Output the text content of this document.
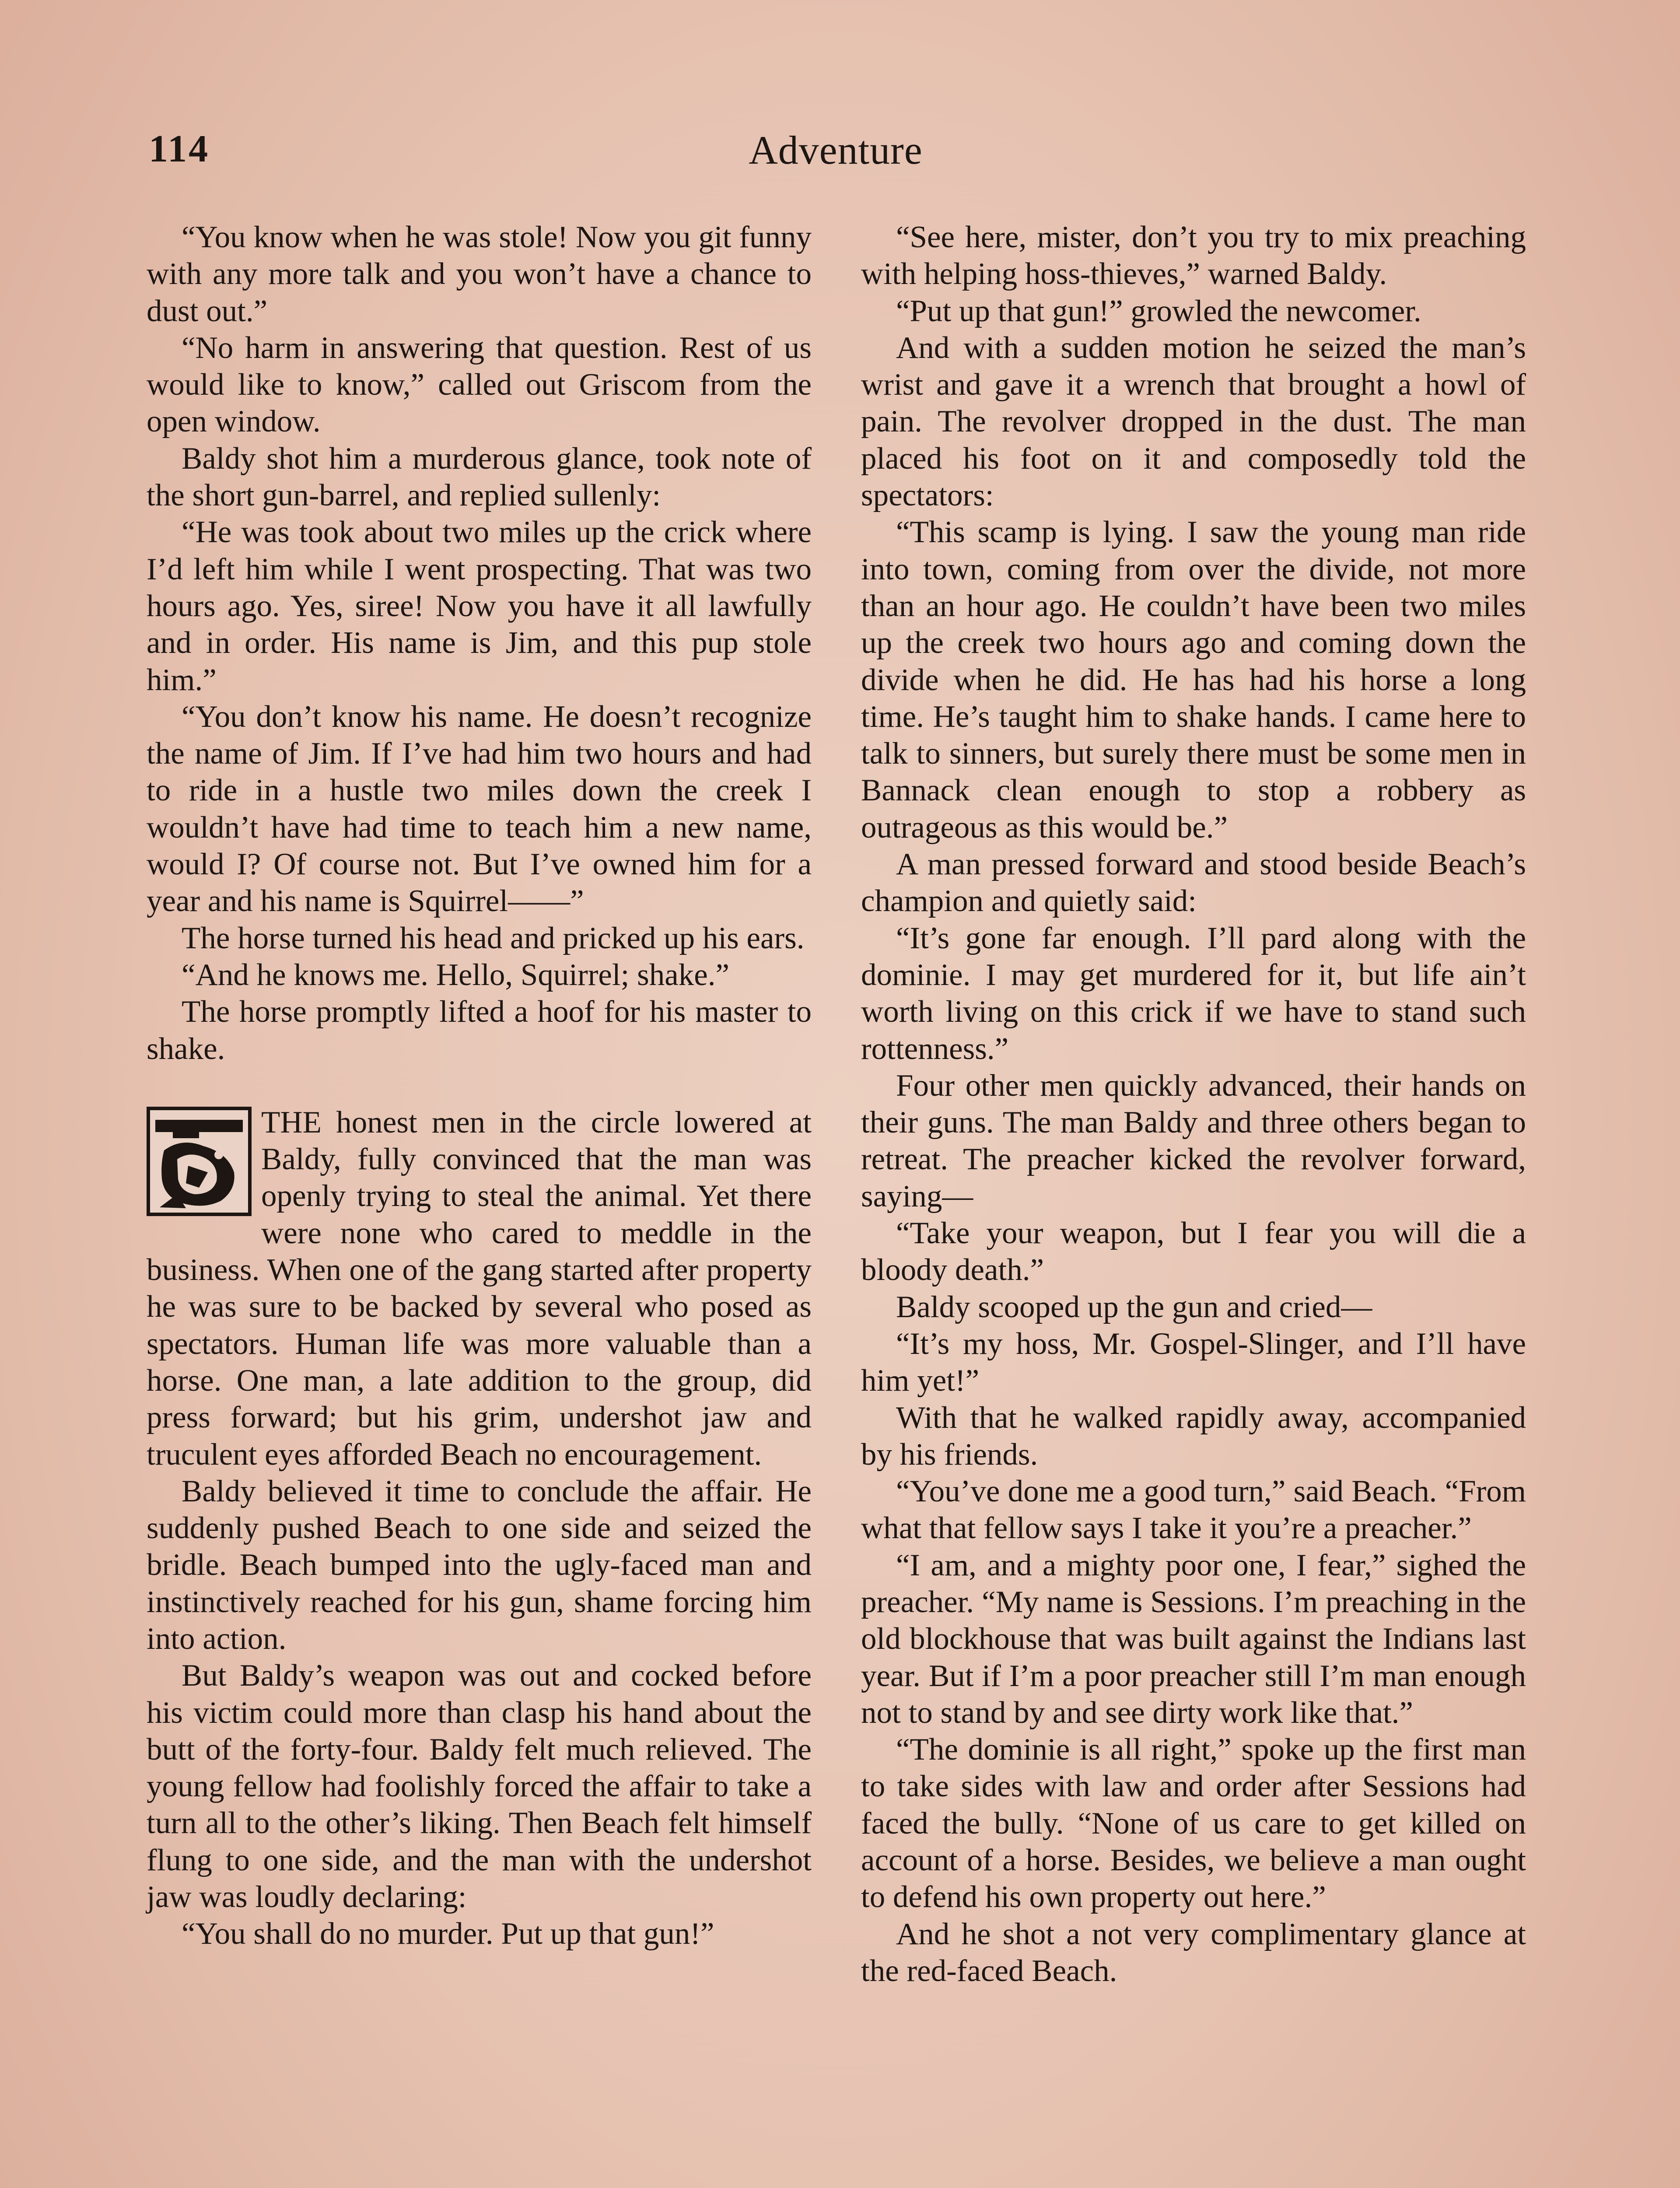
114	Adventure

“You know when he was stole! Now you git funny with any more talk and you won’t have a chance to dust out.”

“No harm in answering that question. Rest of us would like to know,” called out Griscom from the open window.

Baldy shot him a murderous glance, took note of the short gun-barrel, and replied sullenly:

“He was took about two miles up the crick where I’d left him while I went prospecting. That was two hours ago. Yes, siree! Now you have it all lawfully and in order. His name is Jim, and this pup stole him.”

“You don’t know his name. He doesn’t recognize the name of Jim. If I’ve had him two hours and had to ride in a hustle two miles down the creek I wouldn’t have had time to teach him a new name, would I? Of course not. But I’ve owned him for a year and his name is Squirrel——”

The horse turned his head and pricked up his ears.

“And he knows me. Hello, Squirrel; shake.”

The horse promptly lifted a hoof for his master to shake.

THE honest men in the circle lowered at Baldy, fully convinced that the man was openly trying to steal the animal. Yet there were none who cared to meddle in the business. When one of the gang started after property he was sure to be backed by several who posed as spectators. Human life was more valuable than a horse. One man, a late addition to the group, did press forward; but his grim, undershot jaw and truculent eyes afforded Beach no encouragement.

Baldy believed it time to conclude the affair. He suddenly pushed Beach to one side and seized the bridle. Beach bumped into the ugly-faced man and instinctively reached for his gun, shame forcing him into action.

But Baldy’s weapon was out and cocked before his victim could more than clasp his hand about the butt of the forty-four. Baldy felt much relieved. The young fellow had foolishly forced the affair to take a turn all to the other’s liking. Then Beach felt himself flung to one side, and the man with the undershot jaw was loudly declaring:

“You shall do no murder. Put up that gun!”

“See here, mister, don’t you try to mix preaching with helping hoss-thieves,” warned Baldy.

“Put up that gun!” growled the newcomer.

And with a sudden motion he seized the man’s wrist and gave it a wrench that brought a howl of pain. The revolver dropped in the dust. The man placed his foot on it and composedly told the spectators:

“This scamp is lying. I saw the young man ride into town, coming from over the divide, not more than an hour ago. He couldn’t have been two miles up the creek two hours ago and coming down the divide when he did. He has had his horse a long time. He’s taught him to shake hands. I came here to talk to sinners, but surely there must be some men in Bannack clean enough to stop a robbery as outrageous as this would be.”

A man pressed forward and stood beside Beach’s champion and quietly said:

“It’s gone far enough. I’ll pard along with the dominie. I may get murdered for it, but life ain’t worth living on this crick if we have to stand such rottenness.”

Four other men quickly advanced, their hands on their guns. The man Baldy and three others began to retreat. The preacher kicked the revolver forward, saying—

“Take your weapon, but I fear you will die a bloody death.”

Baldy scooped up the gun and cried—

“It’s my hoss, Mr. Gospel-Slinger, and I’ll have him yet!”

With that he walked rapidly away, accompanied by his friends.

“You’ve done me a good turn,” said Beach. “From what that fellow says I take it you’re a preacher.”

“I am, and a mighty poor one, I fear,” sighed the preacher. “My name is Sessions. I’m preaching in the old blockhouse that was built against the Indians last year. But if I’m a poor preacher still I’m man enough not to stand by and see dirty work like that.”

“The dominie is all right,” spoke up the first man to take sides with law and order after Sessions had faced the bully. “None of us care to get killed on account of a horse. Besides, we believe a man ought to defend his own property out here.”

And he shot a not very complimentary glance at the red-faced Beach.
